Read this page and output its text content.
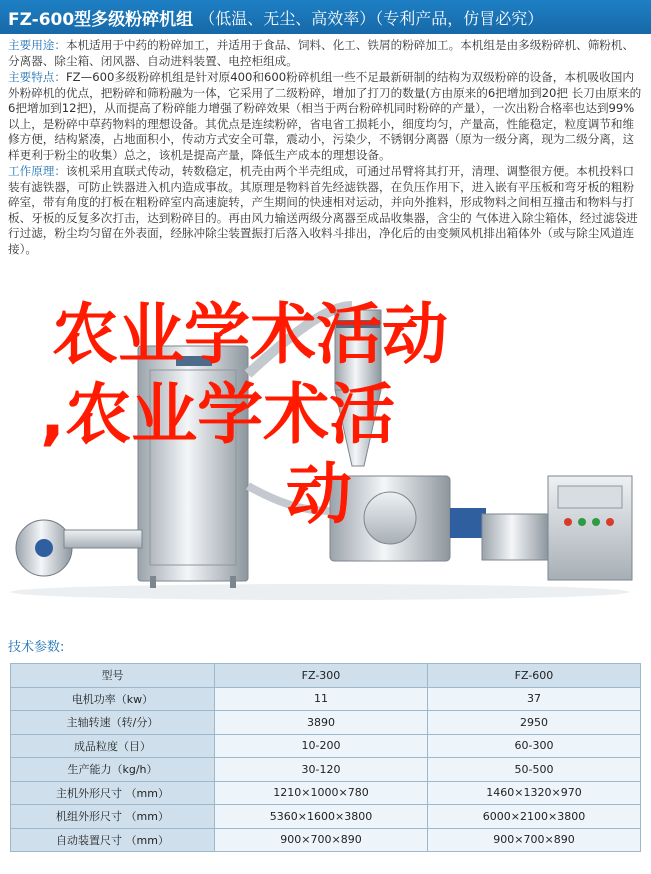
FZ-600型多级粉碎机组 （低温、无尘、高效率）（专利产品，仿冒必究）

主要用途：本机适用于中药的粉碎加工，并适用于食品、饲料、化工、铁屑的粉碎加工。本机组是由多级粉碎机、筛粉机、分离器、除尘箱、闭风器、自动进料装置、电控柜组成。

主要特点：FZ—600多级粉碎机组是针对原400和600粉碎机组一些不足最新研制的结构为双级粉碎的设备，本机吸收国内外粉碎机的优点，把粉碎和筛粉融为一体，它采用了二级粉碎，增加了打刀的数量(方由原来的6把增加到20把 长刀由原来的6把增加到12把)，从而提高了粉碎能力增强了粉碎效果（相当于两台粉碎机同时粉碎的产量），一次出粉合格率也达到99%以上，是粉碎中草药物料的理想设备。其优点是连续粉碎，省电省工损耗小，细度均匀，产量高，性能稳定，粒度调节和维修方便，结构紧凑，占地面积小，传动方式安全可靠，震动小，污染少，不锈钢分离器（原为一级分离，现为二级分离，这样更利于粉尘的收集）总之，该机是提高产量，降低生产成本的理想设备。

工作原理：该机采用直联式传动，转数稳定，机壳由两个半壳组成，可通过吊臂将其打开，清理、调整很方便。本机投料口装有滤铁器，可防止铁器进入机内造成事故。其原理是物料首先经滤铁器，在负压作用下，进入嵌有平压板和弯牙板的粗粉碎室，带有角度的打板在粗粉碎室内高速旋转，产生期间的快速相对运动，并向外推料，形成物料之间相互撞击和物料与打板、牙板的反复多次打击，达到粉碎目的。再由风力输送两级分离器至成品收集器，含尘的 气体进入除尘箱体，经过滤袋进 行过滤，粉尘均匀留在外表面，经脉冲除尘装置振打后落入收料斗排出，净化后的由变频风机排出箱体外（或与除尘风道连接）。

农业学术活动
,农业学术活
动
技术参数:
型号	FZ-300	FZ-600
电机功率（kw）	11	37
主轴转速（转/分）	3890	2950
成品粒度（目）	10-200	60-300
生产能力（kg/h）	30-120	50-500
主机外形尺寸 （mm）	1210×1000×780	1460×1320×970
机组外形尺寸 （mm）	5360×1600×3800	6000×2100×3800
自动装置尺寸 （mm）	900×700×890	900×700×890
